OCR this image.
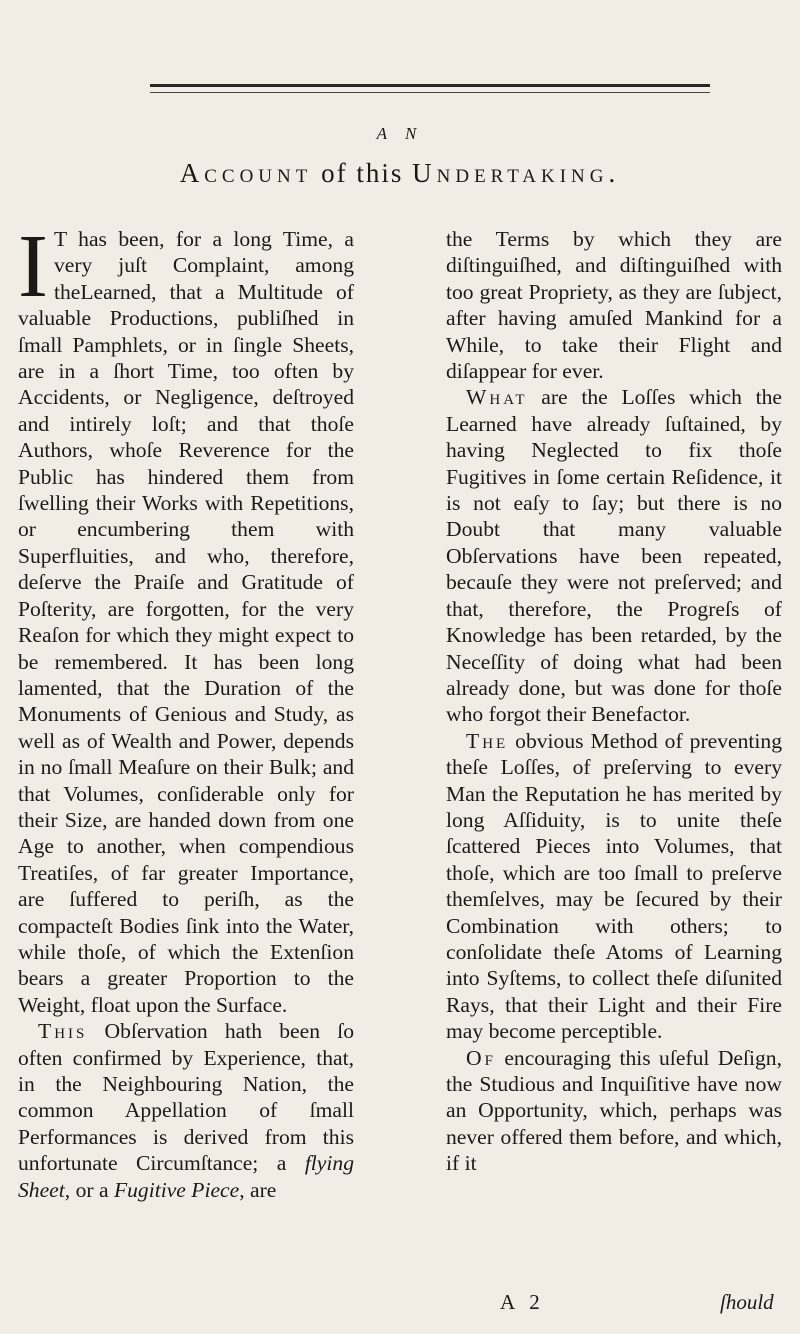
A N
Account of this Undertaking.

I T has been, for a long Time, a very juſt Complaint, among theLearned, that a Multitude of valuable Productions, publiſhed in ſmall Pamphlets, or in ſingle Sheets, are in a ſhort Time, too often by Accidents, or Negligence, deſtroyed and intirely loſt; and that thoſe Authors, whoſe Reverence for the Public has hindered them from ſwelling their Works with Repetitions, or encumbering them with Superfluities, and who, therefore, deſerve the Praiſe and Gratitude of Poſterity, are forgotten, for the very Reaſon for which they might expect to be remembered. It has been long lamented, that the Duration of the Monuments of Genious and Study, as well as of Wealth and Power, depends in no ſmall Meaſure on their Bulk; and that Volumes, conſiderable only for their Size, are handed down from one Age to another, when compendious Treatiſes, of far greater Importance, are ſuffered to periſh, as the compacteſt Bodies ſink into the Water, while thoſe, of which the Extenſion bears a greater Proportion to the Weight, float upon the Surface.

This Obſervation hath been ſo often confirmed by Experience, that, in the Neighbouring Nation, the common Appellation of ſmall Performances is derived from this unfortunate Circumſtance; a flying Sheet, or a Fugitive Piece, are

the Terms by which they are diſtinguiſhed, and diſtinguiſhed with too great Propriety, as they are ſubject, after having amuſed Mankind for a While, to take their Flight and diſappear for ever.

What are the Loſſes which the Learned have already ſuſtained, by having Neglected to fix thoſe Fugitives in ſome certain Reſidence, it is not eaſy to ſay; but there is no Doubt that many valuable Obſervations have been repeated, becauſe they were not preſerved; and that, therefore, the Progreſs of Knowledge has been retarded, by the Neceſſity of doing what had been already done, but was done for thoſe who forgot their Benefactor.

The obvious Method of preventing theſe Loſſes, of preſerving to every Man the Reputation he has merited by long Aſſiduity, is to unite theſe ſcattered Pieces into Volumes, that thoſe, which are too ſmall to preſerve themſelves, may be ſecured by their Combination with others; to conſolidate theſe Atoms of Learning into Syſtems, to collect theſe diſunited Rays, that their Light and their Fire may become perceptible.

Of encouraging this uſeful Deſign, the Studious and Inquiſitive have now an Opportunity, which, perhaps was never offered them before, and which, if it

A 2	ſhould
